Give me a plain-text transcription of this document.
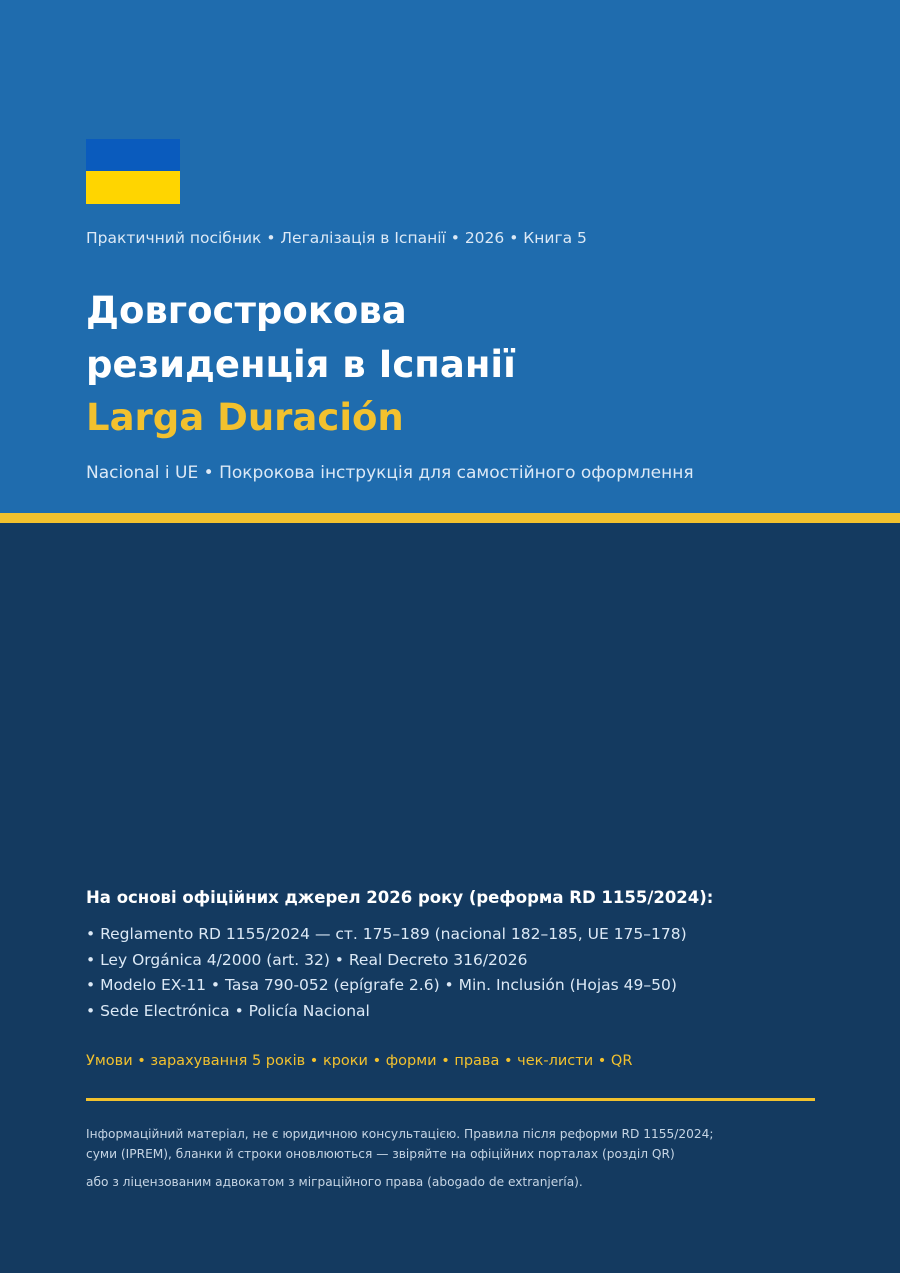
Практичний посібник • Легалізація в Іспанії • 2026 • Книга 5
Довгострокова
резиденція в Іспанії
Larga Duración
Nacional і UE • Покрокова інструкція для самостійного оформлення
На основі офіційних джерел 2026 року (реформа RD 1155/2024):
• Reglamento RD 1155/2024 — ст. 175–189 (nacional 182–185, UE 175–178)
• Ley Orgánica 4/2000 (art. 32) • Real Decreto 316/2026
• Modelo EX-11 • Tasa 790-052 (epígrafe 2.6) • Min. Inclusión (Hojas 49–50)
• Sede Electrónica • Policía Nacional
Умови • зарахування 5 років • кроки • форми • права • чек-листи • QR
Інформаційний матеріал, не є юридичною консультацією. Правила після реформи RD 1155/2024;
суми (IPREM), бланки й строки оновлюються — звіряйте на офіційних порталах (розділ QR)
або з ліцензованим адвокатом з міграційного права (abogado de extranjería).
